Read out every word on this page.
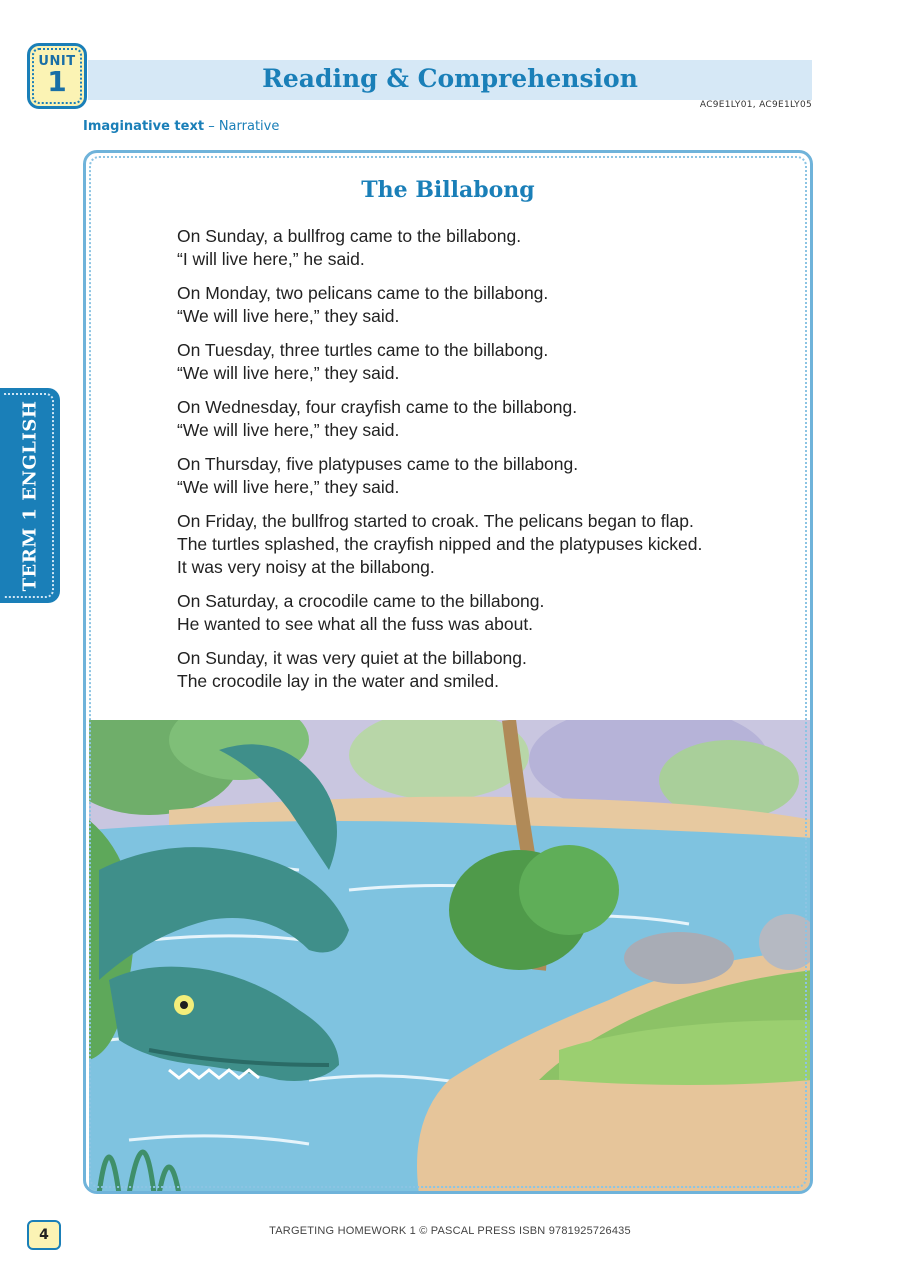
UNIT
1	Reading & Comprehension
AC9E1LY01, AC9E1LY05
Imaginative text – Narrative
TERM 1 ENGLISH
The Billabong
On Sunday, a bullfrog came to the billabong.
“I will live here,” he said.
On Monday, two pelicans came to the billabong.
“We will live here,” they said.
On Tuesday, three turtles came to the billabong.
“We will live here,” they said.
On Wednesday, four crayfish came to the billabong.
“We will live here,” they said.
On Thursday, five platypuses came to the billabong.
“We will live here,” they said.
On Friday, the bullfrog started to croak. The pelicans began to flap.
The turtles splashed, the crayfish nipped and the platypuses kicked.
It was very noisy at the billabong.
On Saturday, a crocodile came to the billabong.
He wanted to see what all the fuss was about.
On Sunday, it was very quiet at the billabong.
The crocodile lay in the water and smiled.
4	TARGETING HOMEWORK 1 © PASCAL PRESS ISBN 9781925726435
